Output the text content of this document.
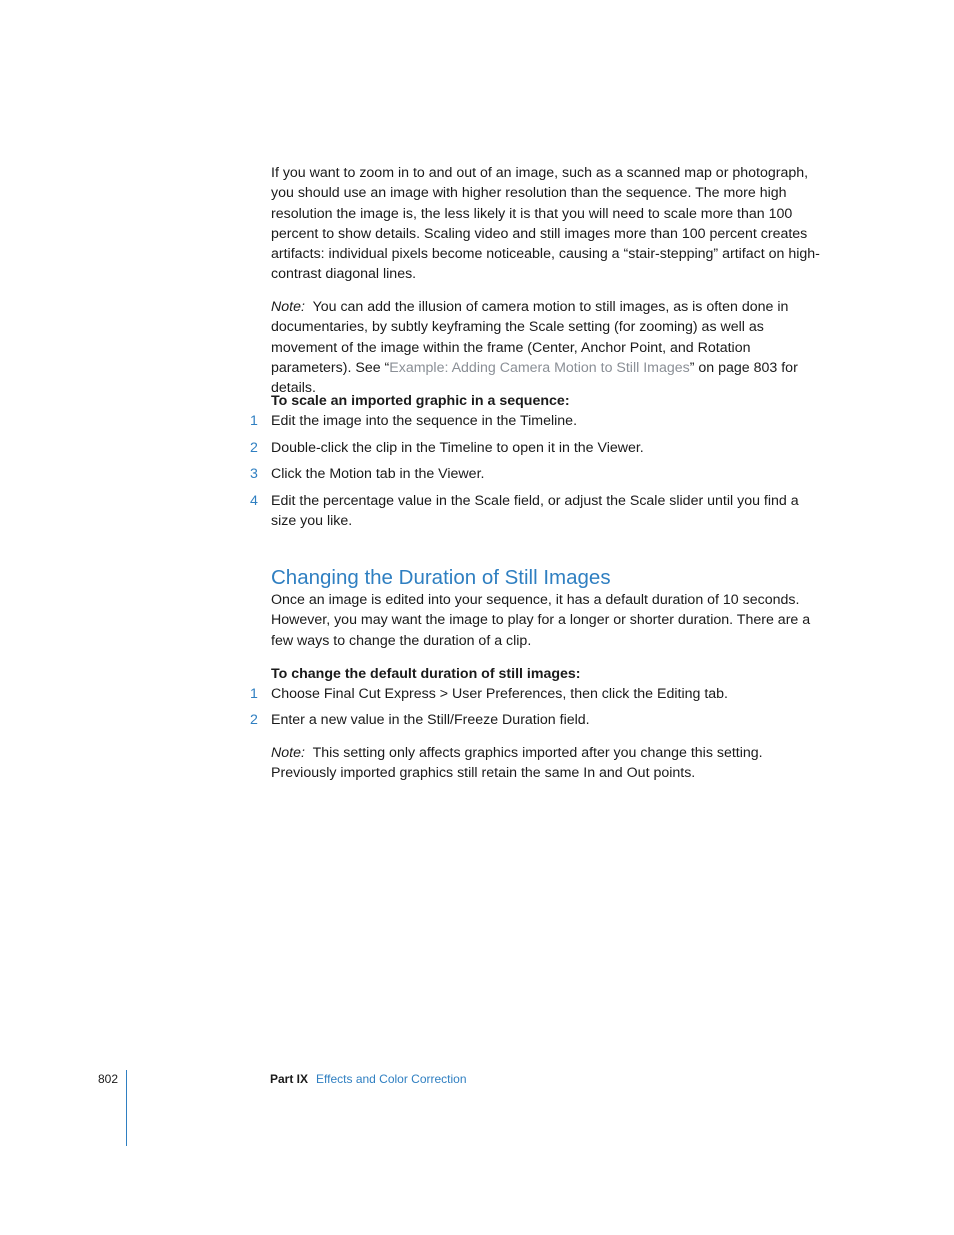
If you want to zoom in to and out of an image, such as a scanned map or photograph, you should use an image with higher resolution than the sequence. The more high resolution the image is, the less likely it is that you will need to scale more than 100 percent to show details. Scaling video and still images more than 100 percent creates artifacts: individual pixels become noticeable, causing a “stair-stepping” artifact on high-contrast diagonal lines.

Note: You can add the illusion of camera motion to still images, as is often done in documentaries, by subtly keyframing the Scale setting (for zooming) as well as movement of the image within the frame (Center, Anchor Point, and Rotation parameters). See “Example: Adding Camera Motion to Still Images” on page 803 for details.

To scale an imported graphic in a sequence:
1 Edit the image into the sequence in the Timeline.
2 Double-click the clip in the Timeline to open it in the Viewer.
3 Click the Motion tab in the Viewer.
4 Edit the percentage value in the Scale field, or adjust the Scale slider until you find a size you like.
Changing the Duration of Still Images

Once an image is edited into your sequence, it has a default duration of 10 seconds. However, you may want the image to play for a longer or shorter duration. There are a few ways to change the duration of a clip.

To change the default duration of still images:
1 Choose Final Cut Express > User Preferences, then click the Editing tab.
2 Enter a new value in the Still/Freeze Duration field.

Note: This setting only affects graphics imported after you change this setting. Previously imported graphics still retain the same In and Out points.

802	Part IX Effects and Color Correction
